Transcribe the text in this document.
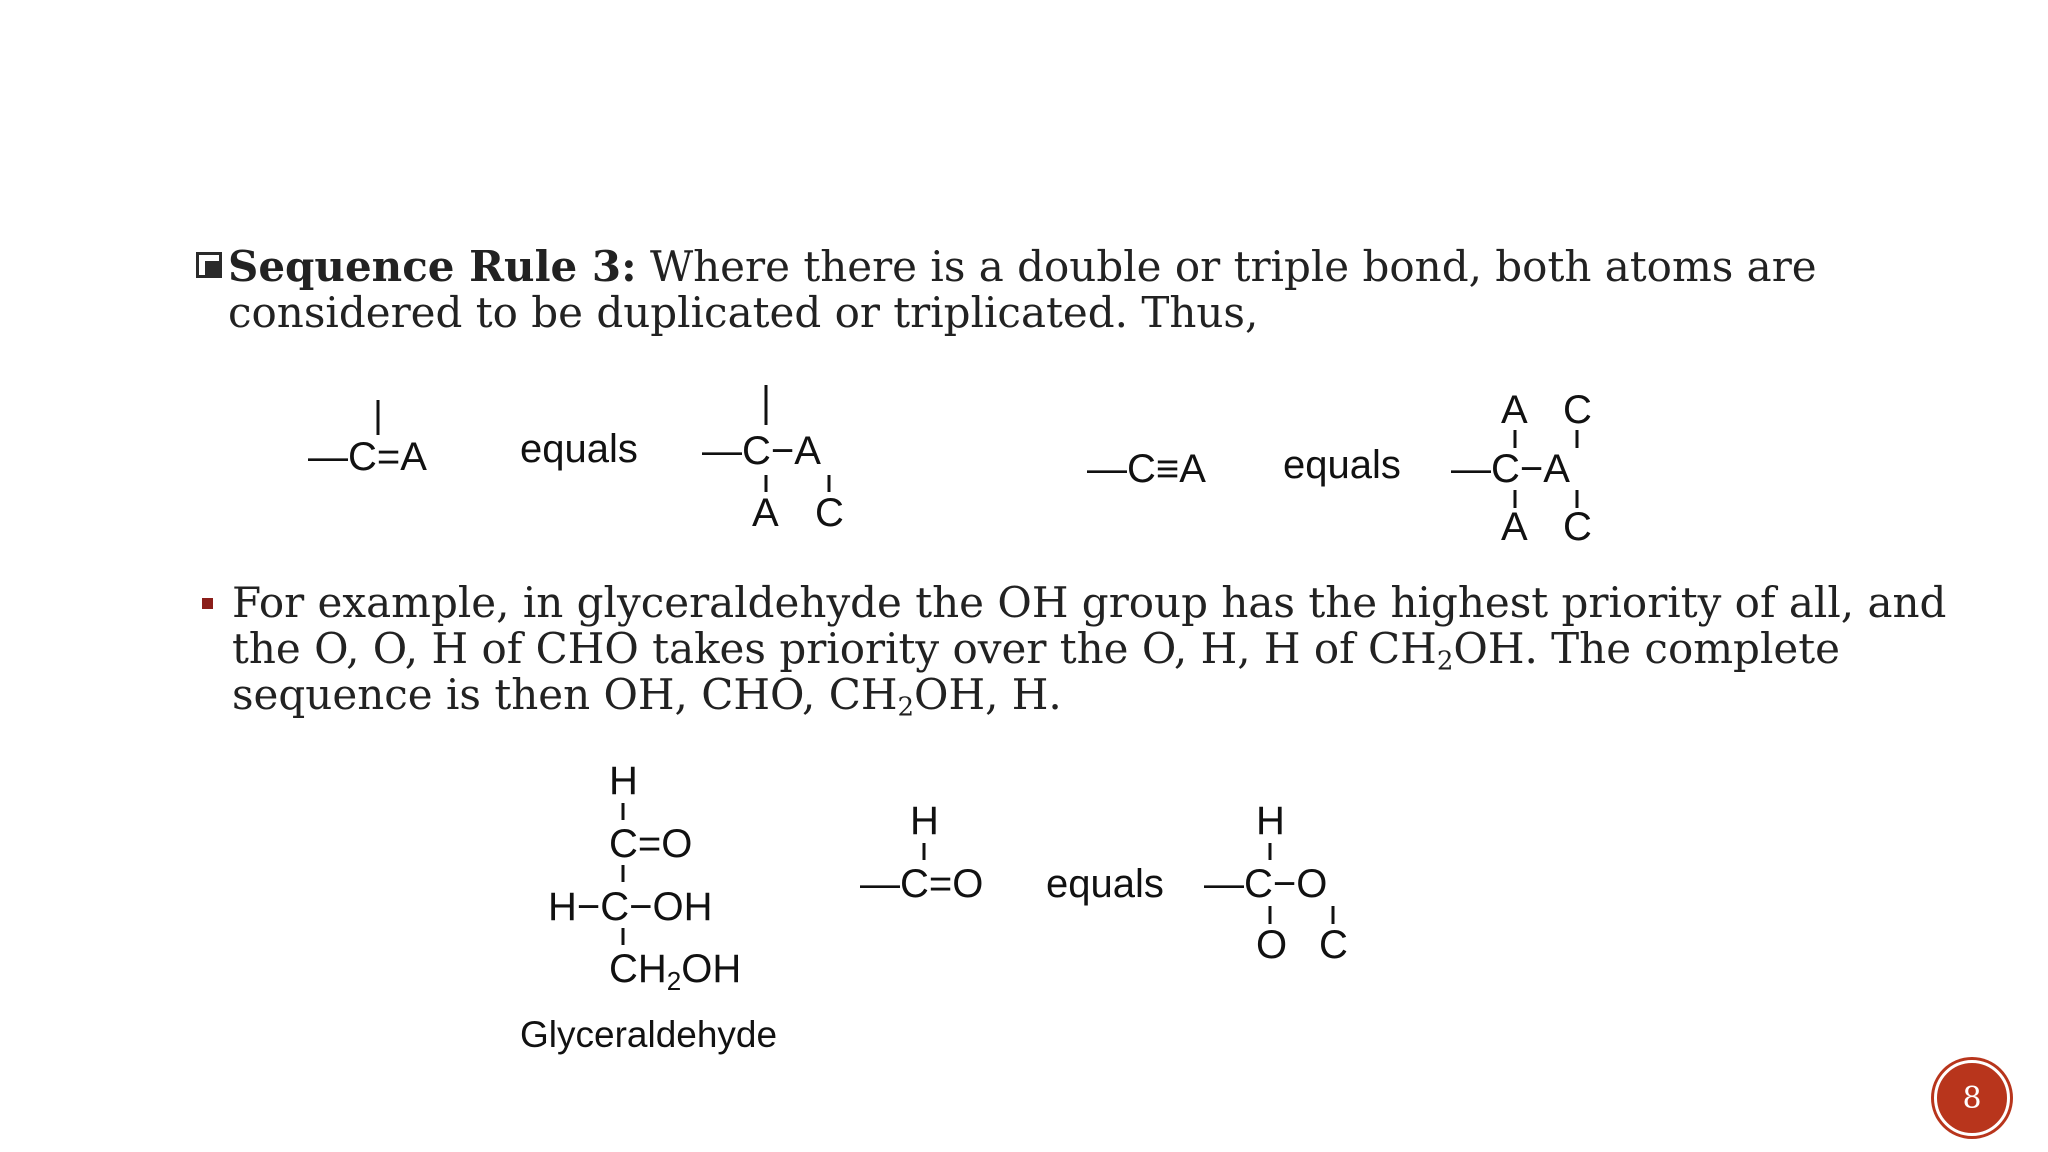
Sequence Rule 3: Where there is a double or triple bond, both atoms are
considered to be duplicated or triplicated. Thus,
For example, in glyceraldehyde the OH group has the highest priority of all, and
the O, O, H of CHO takes priority over the O, H, H of $CH_2OH$. The complete
sequence is then OH, CHO, $CH_2OH$, H.
—C=A equals —C−A
A C
—C≡A equals
A C
—C−A
A C
H
C=O
H−C−OH
$CH_2OH$
Glyceraldehyde
H
—C=O equals
H
—C−O
O C
8
